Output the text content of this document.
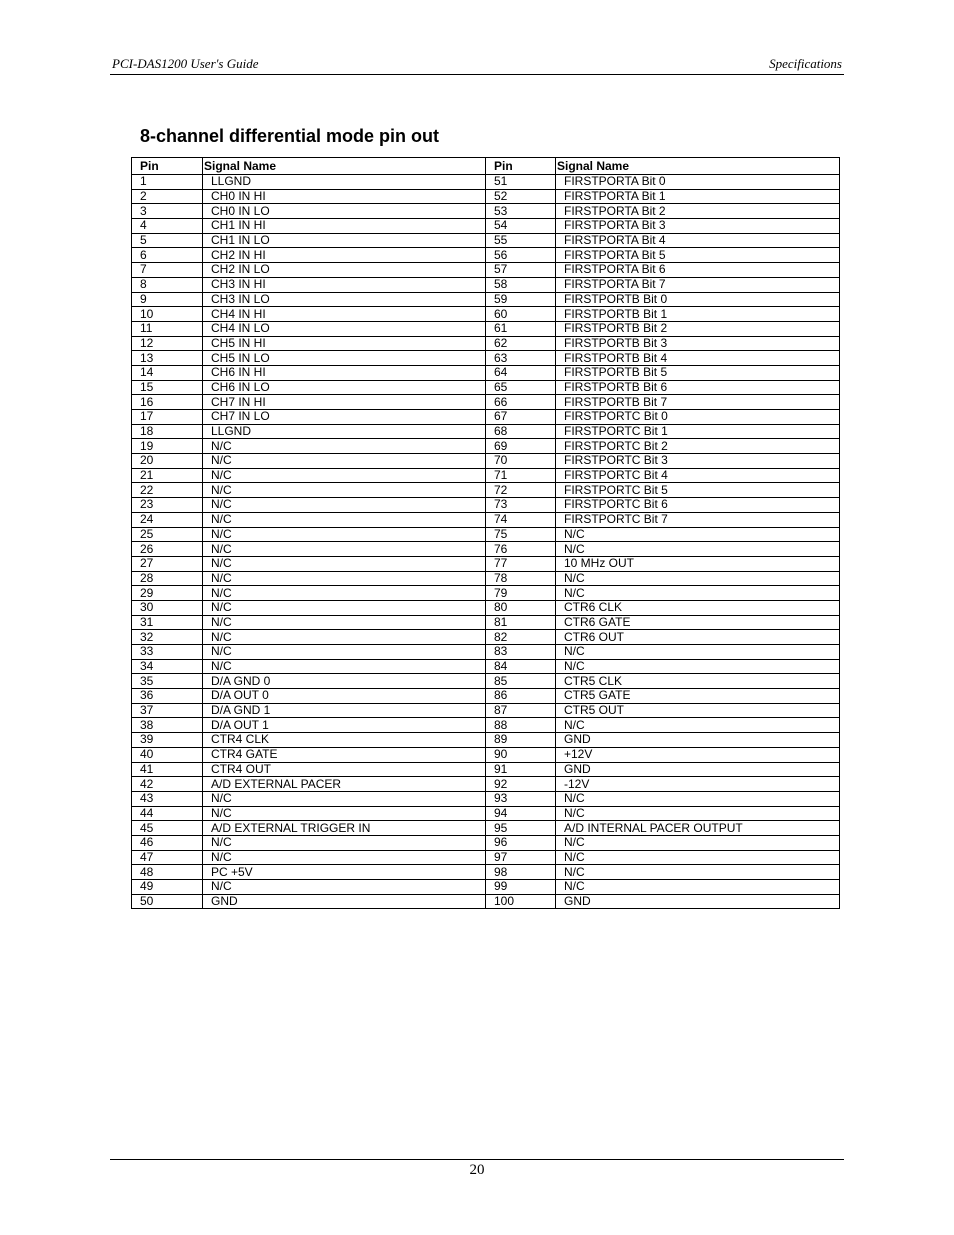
PCI-DAS1200 User's Guide	Specifications
8-channel differential mode pin out
Pin	Signal Name	Pin	Signal Name
1	LLGND	51	FIRSTPORTA Bit 0
2	CH0 IN HI	52	FIRSTPORTA Bit 1
3	CH0 IN LO	53	FIRSTPORTA Bit 2
4	CH1 IN HI	54	FIRSTPORTA Bit 3
5	CH1 IN LO	55	FIRSTPORTA Bit 4
6	CH2 IN HI	56	FIRSTPORTA Bit 5
7	CH2 IN LO	57	FIRSTPORTA Bit 6
8	CH3 IN HI	58	FIRSTPORTA Bit 7
9	CH3 IN LO	59	FIRSTPORTB Bit 0
10	CH4 IN HI	60	FIRSTPORTB Bit 1
11	CH4 IN LO	61	FIRSTPORTB Bit 2
12	CH5 IN HI	62	FIRSTPORTB Bit 3
13	CH5 IN LO	63	FIRSTPORTB Bit 4
14	CH6 IN HI	64	FIRSTPORTB Bit 5
15	CH6 IN LO	65	FIRSTPORTB Bit 6
16	CH7 IN HI	66	FIRSTPORTB Bit 7
17	CH7 IN LO	67	FIRSTPORTC Bit 0
18	LLGND	68	FIRSTPORTC Bit 1
19	N/C	69	FIRSTPORTC Bit 2
20	N/C	70	FIRSTPORTC Bit 3
21	N/C	71	FIRSTPORTC Bit 4
22	N/C	72	FIRSTPORTC Bit 5
23	N/C	73	FIRSTPORTC Bit 6
24	N/C	74	FIRSTPORTC Bit 7
25	N/C	75	N/C
26	N/C	76	N/C
27	N/C	77	10 MHz OUT
28	N/C	78	N/C
29	N/C	79	N/C
30	N/C	80	CTR6 CLK
31	N/C	81	CTR6 GATE
32	N/C	82	CTR6 OUT
33	N/C	83	N/C
34	N/C	84	N/C
35	D/A GND 0	85	CTR5 CLK
36	D/A OUT 0	86	CTR5 GATE
37	D/A GND 1	87	CTR5 OUT
38	D/A OUT 1	88	N/C
39	CTR4 CLK	89	GND
40	CTR4 GATE	90	+12V
41	CTR4 OUT	91	GND
42	A/D EXTERNAL PACER	92	-12V
43	N/C	93	N/C
44	N/C	94	N/C
45	A/D EXTERNAL TRIGGER IN	95	A/D INTERNAL PACER OUTPUT
46	N/C	96	N/C
47	N/C	97	N/C
48	PC +5V	98	N/C
49	N/C	99	N/C
50	GND	100	GND
20
